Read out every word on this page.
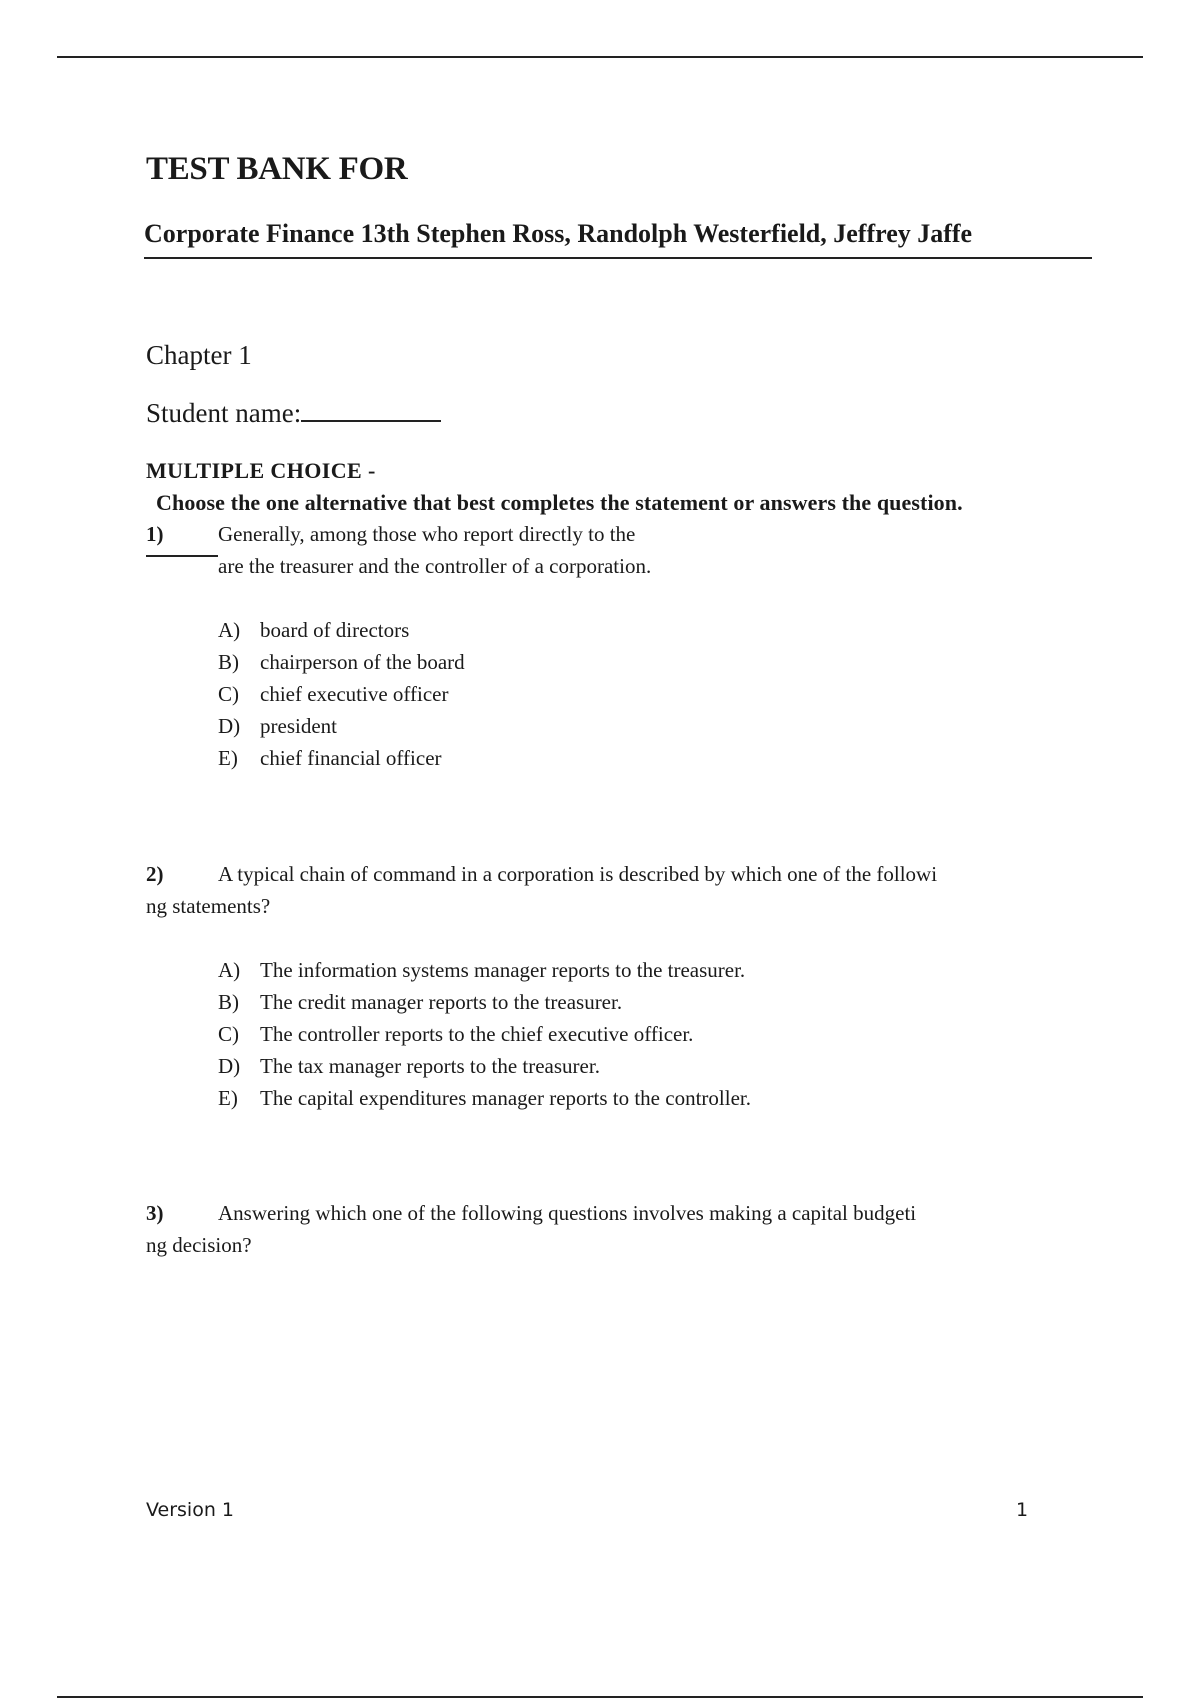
TEST BANK FOR
Corporate Finance 13th Stephen Ross, Randolph Westerfield, Jeffrey Jaffe
Chapter 1
Student name:
MULTIPLE CHOICE -
Choose the one alternative that best completes the statement or answers the question.
1)	Generally, among those who report directly to the
are the treasurer and the controller of a corporation.
A) board of directors
B) chairperson of the board
C) chief executive officer
D) president
E) chief financial officer
2)	A typical chain of command in a corporation is described by which one of the followi
ng statements?
A) The information systems manager reports to the treasurer.
B) The credit manager reports to the treasurer.
C) The controller reports to the chief executive officer.
D) The tax manager reports to the treasurer.
E) The capital expenditures manager reports to the controller.
3)	Answering which one of the following questions involves making a capital budgeti
ng decision?
Version 1	1
